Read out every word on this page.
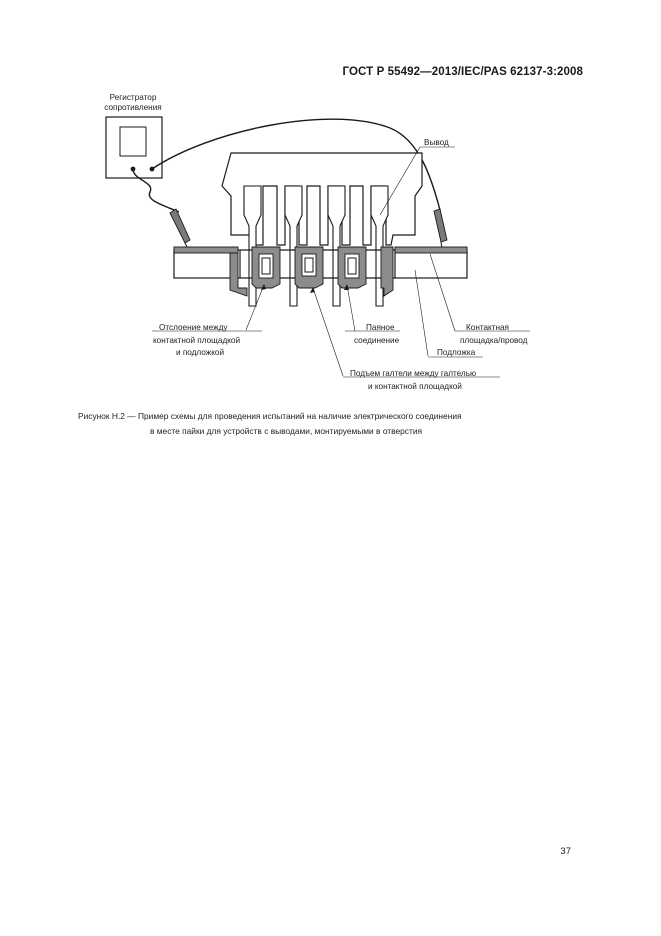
ГОСТ Р 55492—2013/IEC/PAS 62137-3:2008
Регистратор
сопротивления
Вывод
Отслоение между
контактной площадкой
и подложкой
Паяное
соединение
Контактная
площадка/провод
Подложка
Подъем галтели между галтелью
и контактной площадкой
Рисунок Н.2 — Пример схемы для проведения испытаний на наличие электрического соединения
в месте пайки для устройств с выводами, монтируемыми в отверстия
37
